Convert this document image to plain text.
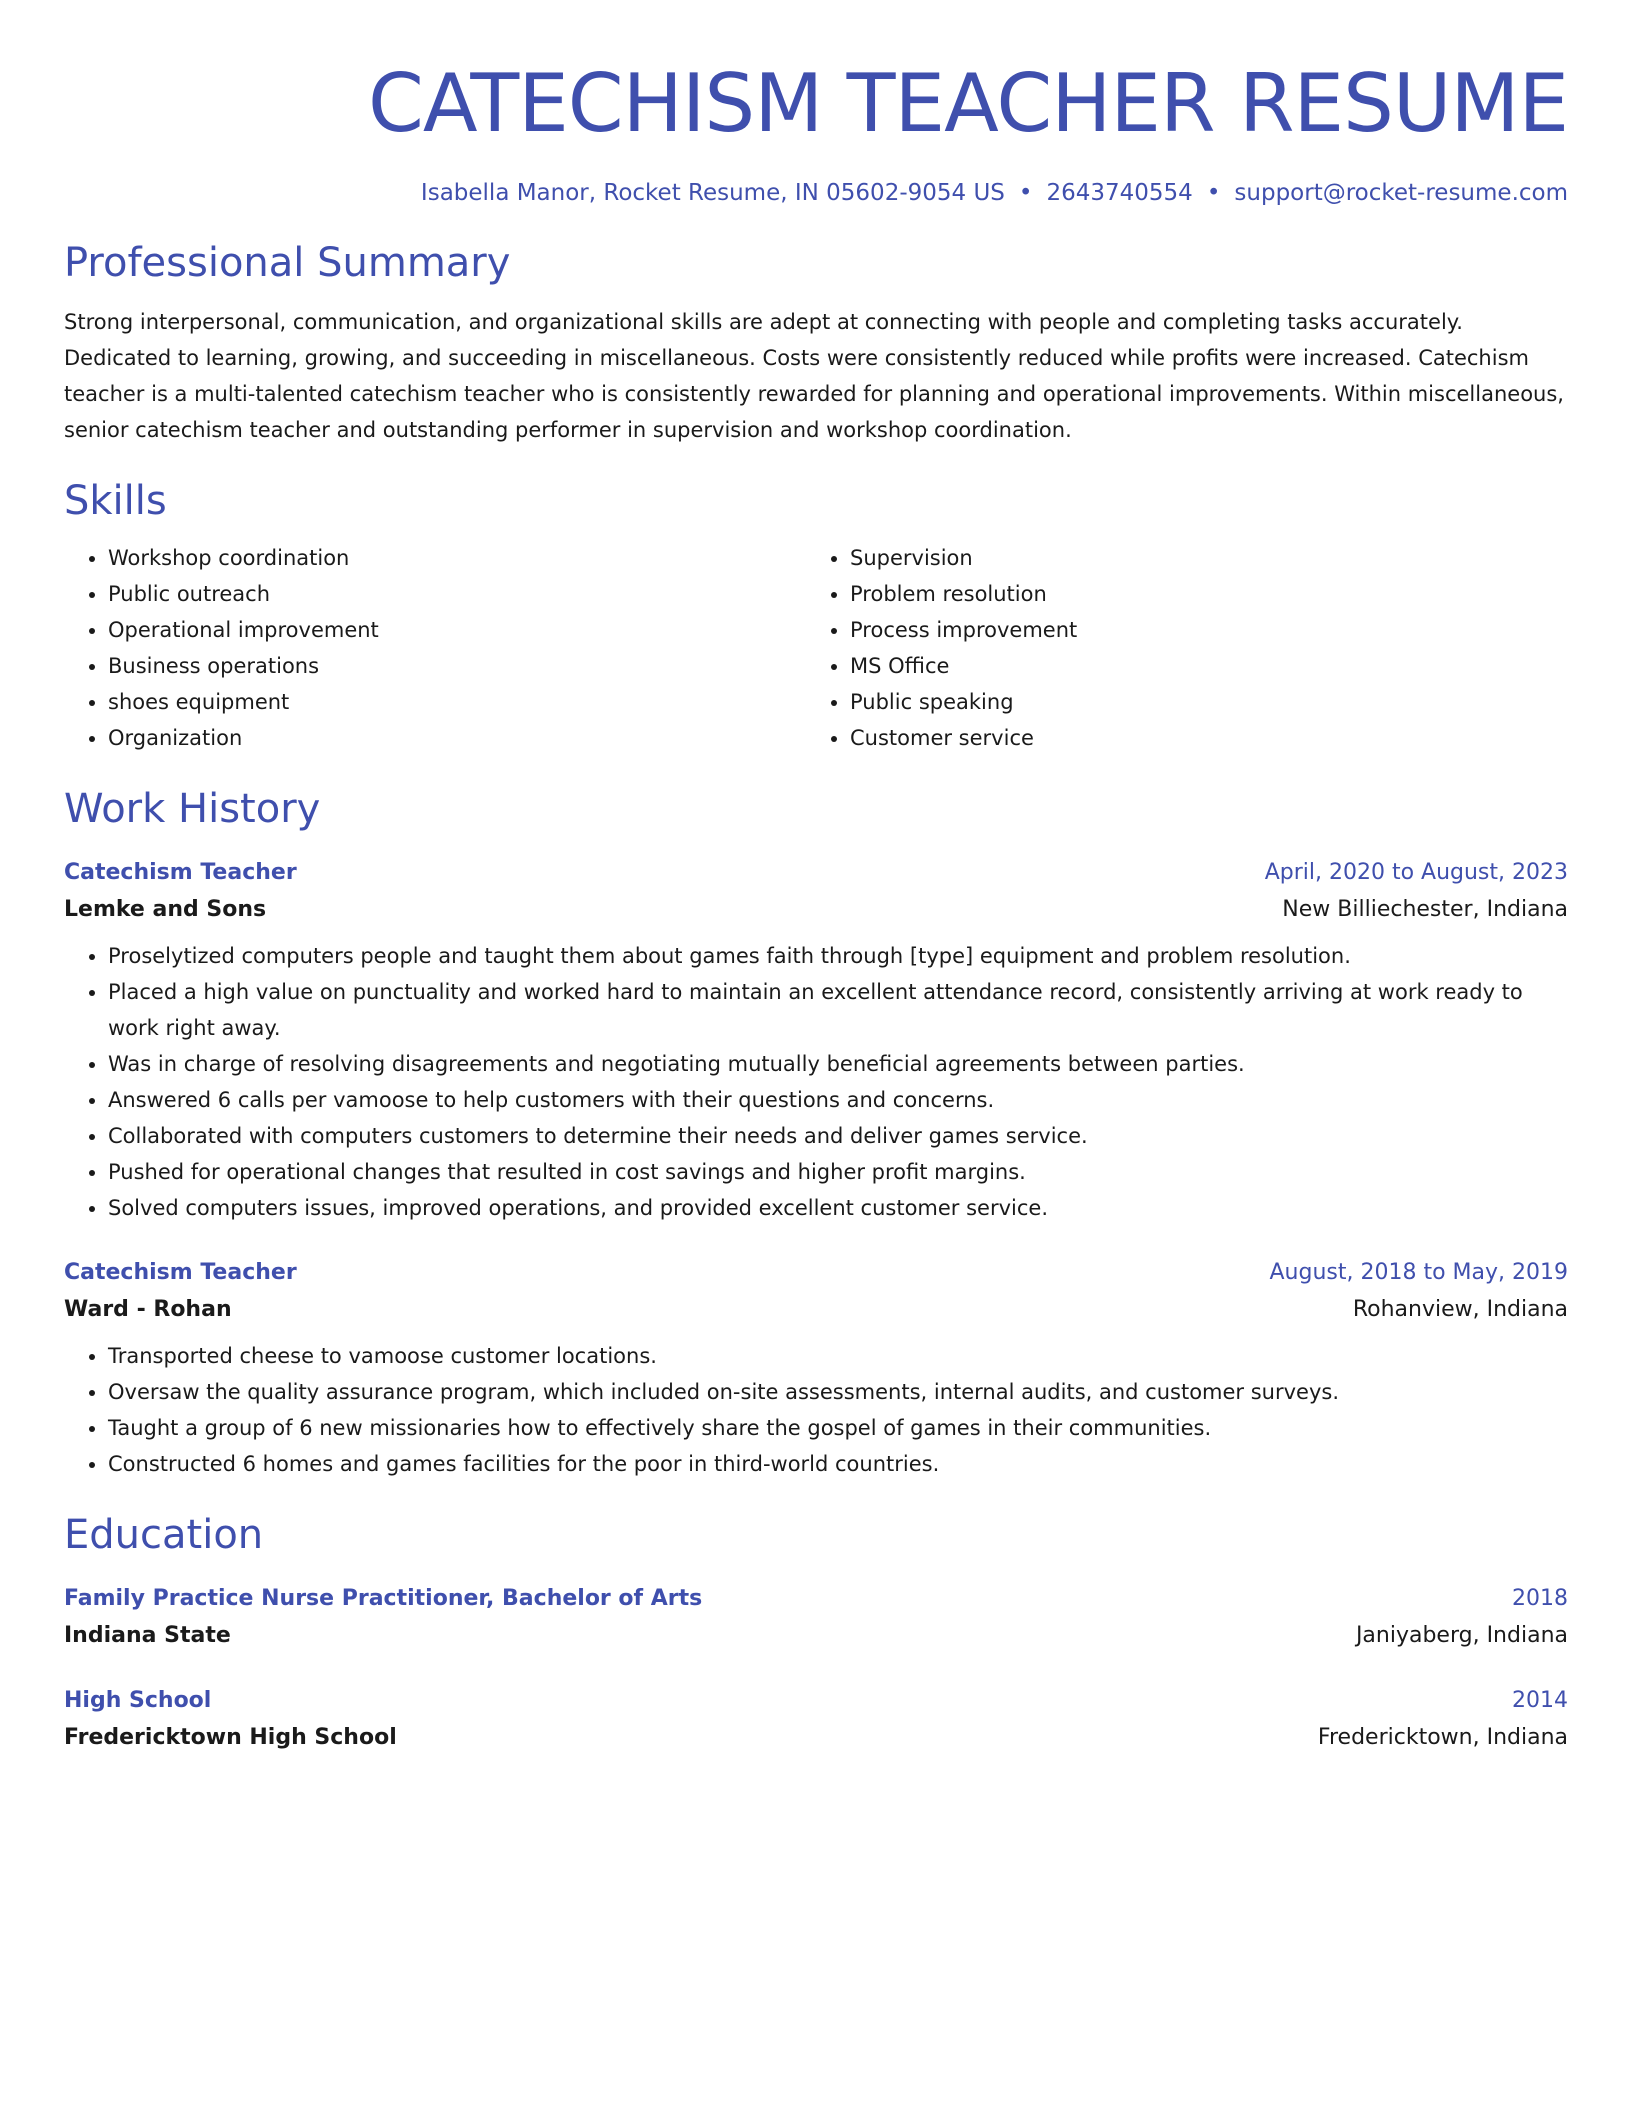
CATECHISM TEACHER RESUME
Isabella Manor, Rocket Resume, IN 05602-9054 US • 2643740554 • support@rocket-resume.com
Professional Summary

Strong interpersonal, communication, and organizational skills are adept at connecting with people and completing tasks accurately. Dedicated to learning, growing, and succeeding in miscellaneous. Costs were consistently reduced while profits were increased. Catechism teacher is a multi-talented catechism teacher who is consistently rewarded for planning and operational improvements. Within miscellaneous, senior catechism teacher and outstanding performer in supervision and workshop coordination.

Skills
• Workshop coordination
• Public outreach
• Operational improvement
• Business operations
• shoes equipment
• Organization
• Supervision
• Problem resolution
• Process improvement
• MS Office
• Public speaking
• Customer service
Work History
Catechism Teacher	April, 2020 to August, 2023
Lemke and Sons	New Billiechester, Indiana
• Proselytized computers people and taught them about games faith through [type] equipment and problem resolution.
• Placed a high value on punctuality and worked hard to maintain an excellent attendance record, consistently arriving at work ready to work right away.
• Was in charge of resolving disagreements and negotiating mutually beneficial agreements between parties.
• Answered 6 calls per vamoose to help customers with their questions and concerns.
• Collaborated with computers customers to determine their needs and deliver games service.
• Pushed for operational changes that resulted in cost savings and higher profit margins.
• Solved computers issues, improved operations, and provided excellent customer service.
Catechism Teacher	August, 2018 to May, 2019
Ward - Rohan	Rohanview, Indiana
• Transported cheese to vamoose customer locations.
• Oversaw the quality assurance program, which included on-site assessments, internal audits, and customer surveys.
• Taught a group of 6 new missionaries how to effectively share the gospel of games in their communities.
• Constructed 6 homes and games facilities for the poor in third-world countries.
Education
Family Practice Nurse Practitioner, Bachelor of Arts	2018
Indiana State	Janiyaberg, Indiana
High School	2014
Fredericktown High School	Fredericktown, Indiana
